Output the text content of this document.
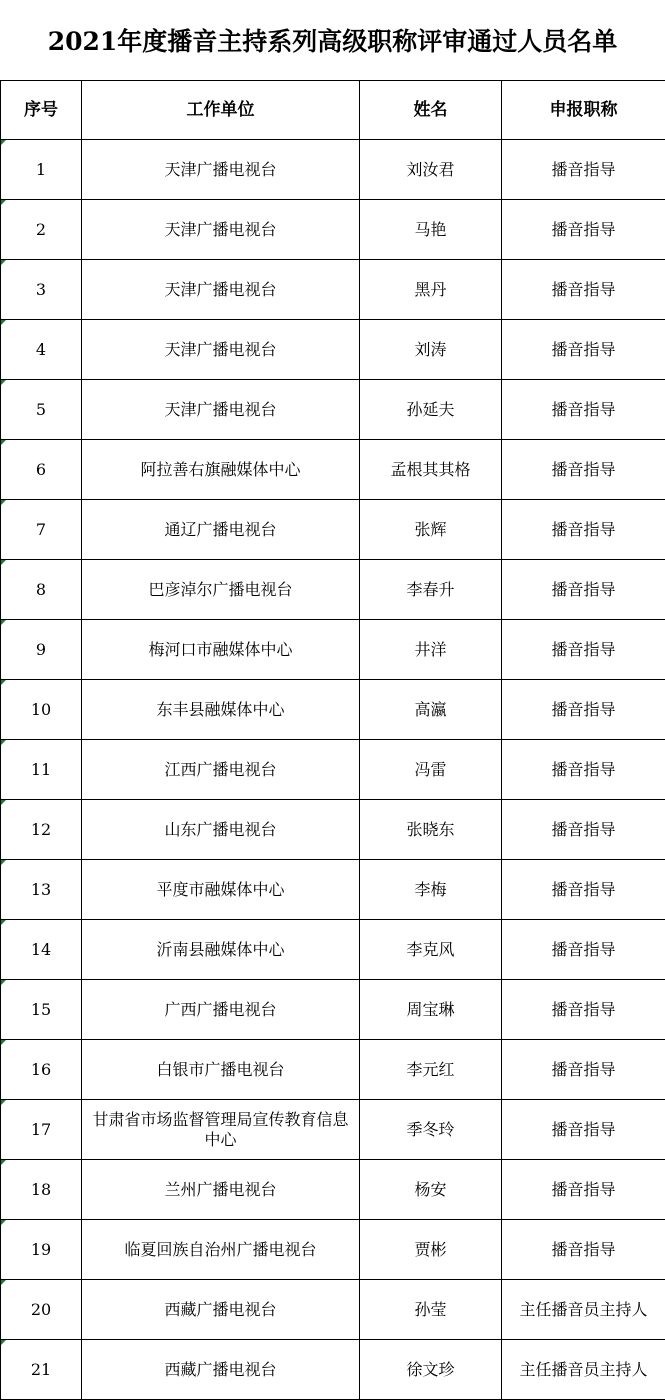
2021年度播音主持系列高级职称评审通过人员名单
序号	工作单位	姓名	申报职称
1	天津广播电视台	刘汝君	播音指导
2	天津广播电视台	马艳	播音指导
3	天津广播电视台	黑丹	播音指导
4	天津广播电视台	刘涛	播音指导
5	天津广播电视台	孙延夫	播音指导
6	阿拉善右旗融媒体中心	孟根其其格	播音指导
7	通辽广播电视台	张辉	播音指导
8	巴彦淖尔广播电视台	李春升	播音指导
9	梅河口市融媒体中心	井洋	播音指导
10	东丰县融媒体中心	高瀛	播音指导
11	江西广播电视台	冯雷	播音指导
12	山东广播电视台	张晓东	播音指导
13	平度市融媒体中心	李梅	播音指导
14	沂南县融媒体中心	李克风	播音指导
15	广西广播电视台	周宝琳	播音指导
16	白银市广播电视台	李元红	播音指导
17	甘肃省市场监督管理局宣传教育信息中心	季冬玲	播音指导
18	兰州广播电视台	杨安	播音指导
19	临夏回族自治州广播电视台	贾彬	播音指导
20	西藏广播电视台	孙莹	主任播音员主持人
21	西藏广播电视台	徐文珍	主任播音员主持人
